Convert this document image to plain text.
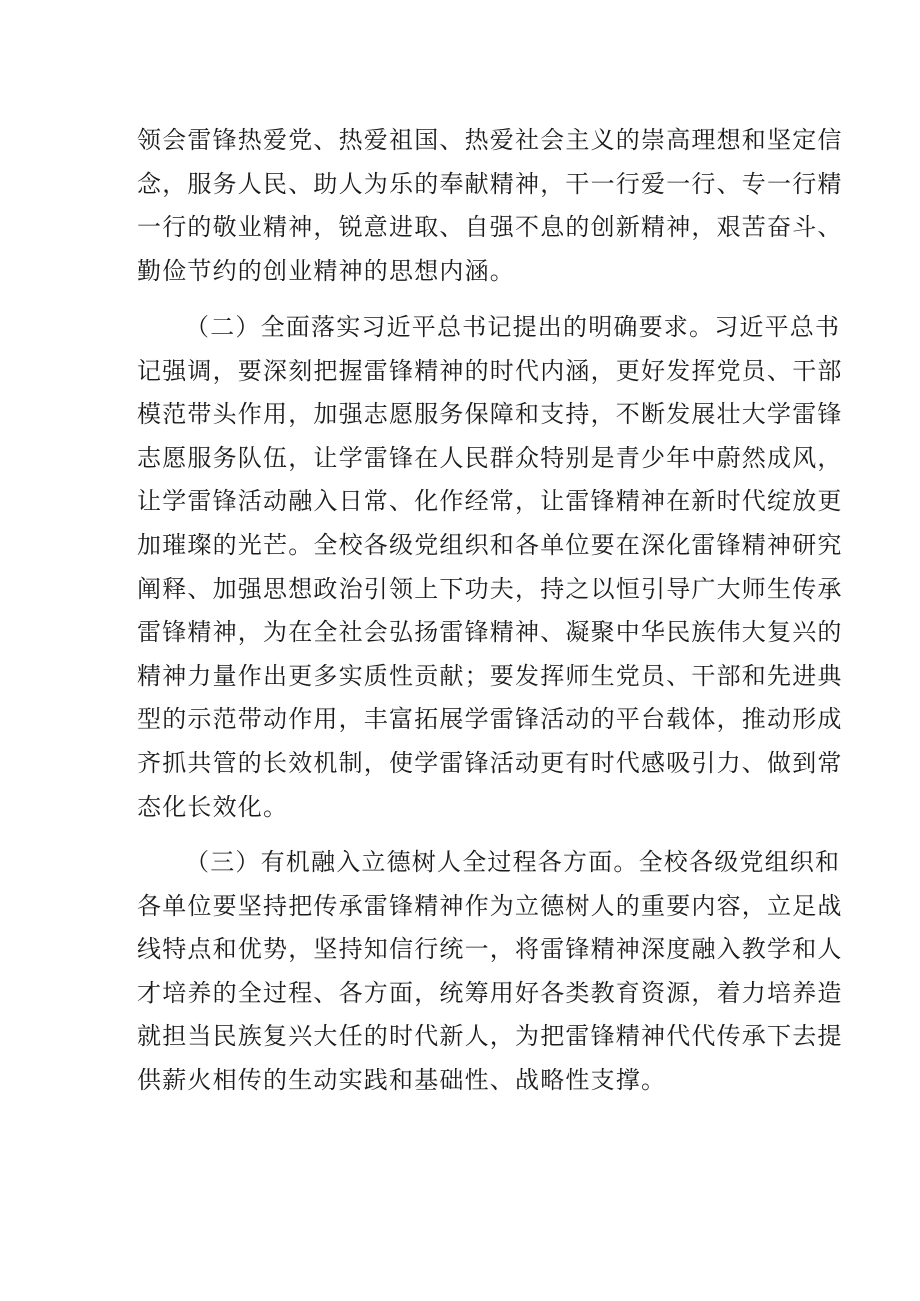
领会雷锋热爱党、热爱祖国、热爱社会主义的崇高理想和坚定信
念，服务人民、助人为乐的奉献精神，干一行爱一行、专一行精
一行的敬业精神，锐意进取、自强不息的创新精神，艰苦奋斗、
勤俭节约的创业精神的思想内涵。
（二）全面落实习近平总书记提出的明确要求。习近平总书
记强调，要深刻把握雷锋精神的时代内涵，更好发挥党员、干部
模范带头作用，加强志愿服务保障和支持，不断发展壮大学雷锋
志愿服务队伍，让学雷锋在人民群众特别是青少年中蔚然成风，
让学雷锋活动融入日常、化作经常，让雷锋精神在新时代绽放更
加璀璨的光芒。全校各级党组织和各单位要在深化雷锋精神研究
阐释、加强思想政治引领上下功夫，持之以恒引导广大师生传承
雷锋精神，为在全社会弘扬雷锋精神、凝聚中华民族伟大复兴的
精神力量作出更多实质性贡献；要发挥师生党员、干部和先进典
型的示范带动作用，丰富拓展学雷锋活动的平台载体，推动形成
齐抓共管的长效机制，使学雷锋活动更有时代感吸引力、做到常
态化长效化。
（三）有机融入立德树人全过程各方面。全校各级党组织和
各单位要坚持把传承雷锋精神作为立德树人的重要内容，立足战
线特点和优势，坚持知信行统一，将雷锋精神深度融入教学和人
才培养的全过程、各方面，统筹用好各类教育资源，着力培养造
就担当民族复兴大任的时代新人，为把雷锋精神代代传承下去提
供薪火相传的生动实践和基础性、战略性支撑。
